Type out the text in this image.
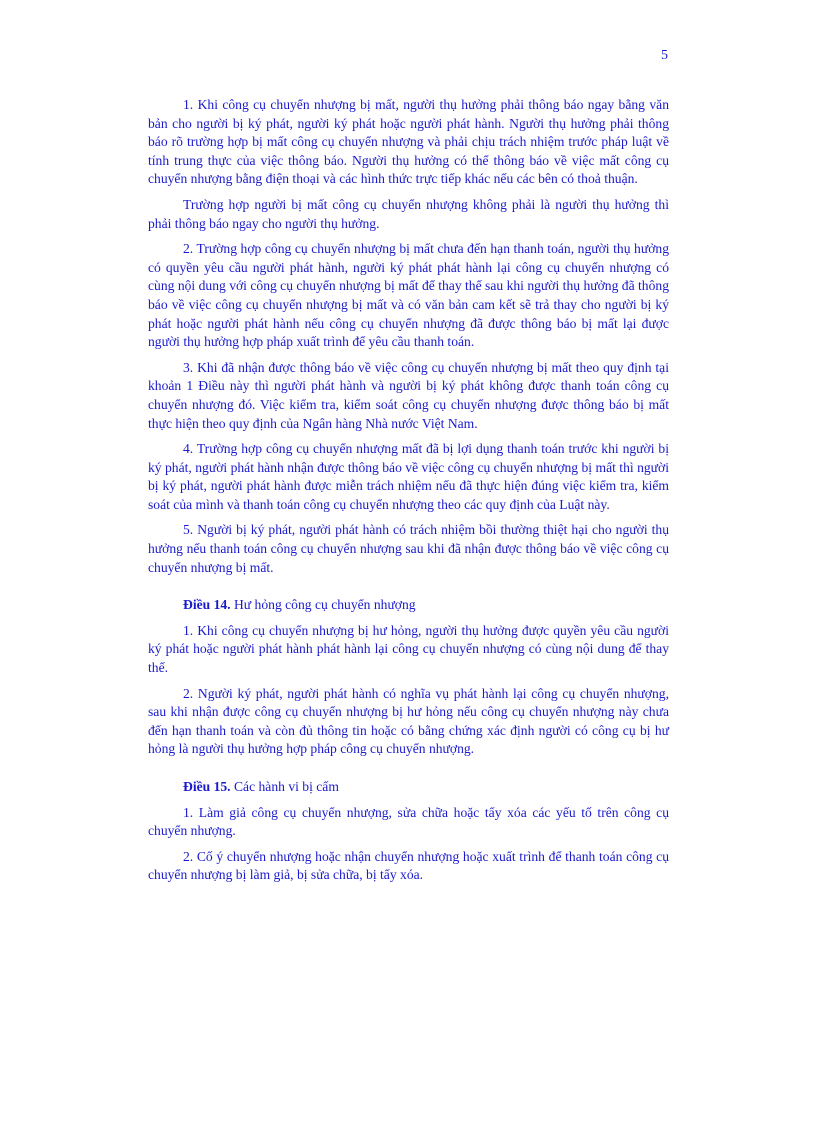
5

1. Khi công cụ chuyển nhượng bị mất, người thụ hưởng phải thông báo ngay bằng văn bản cho người bị ký phát, người ký phát hoặc người phát hành. Người thụ hưởng phải thông báo rõ trường hợp bị mất công cụ chuyển nhượng và phải chịu trách nhiệm trước pháp luật về tính trung thực của việc thông báo. Người thụ hưởng có thể thông báo về việc mất công cụ chuyển nhượng bằng điện thoại và các hình thức trực tiếp khác nếu các bên có thoả thuận.

Trường hợp người bị mất công cụ chuyển nhượng không phải là người thụ hưởng thì phải thông báo ngay cho người thụ hưởng.

2. Trường hợp công cụ chuyển nhượng bị mất chưa đến hạn thanh toán, người thụ hưởng có quyền yêu cầu người phát hành, người ký phát phát hành lại công cụ chuyển nhượng có cùng nội dung với công cụ chuyển nhượng bị mất để thay thế sau khi người thụ hưởng đã thông báo về việc công cụ chuyển nhượng bị mất và có văn bản cam kết sẽ trả thay cho người bị ký phát hoặc người phát hành nếu công cụ chuyển nhượng đã được thông báo bị mất lại được người thụ hưởng hợp pháp xuất trình để yêu cầu thanh toán.

3. Khi đã nhận được thông báo về việc công cụ chuyển nhượng bị mất theo quy định tại khoản 1 Điều này thì người phát hành và người bị ký phát không được thanh toán công cụ chuyển nhượng đó. Việc kiểm tra, kiểm soát công cụ chuyển nhượng được thông báo bị mất thực hiện theo quy định của Ngân hàng Nhà nước Việt Nam.

4. Trường hợp công cụ chuyển nhượng mất đã bị lợi dụng thanh toán trước khi người bị ký phát, người phát hành nhận được thông báo về việc công cụ chuyển nhượng bị mất thì người bị ký phát, người phát hành được miễn trách nhiệm nếu đã thực hiện đúng việc kiểm tra, kiểm soát của mình và thanh toán công cụ chuyển nhượng theo các quy định của Luật này.

5. Người bị ký phát, người phát hành có trách nhiệm bồi thường thiệt hại cho người thụ hưởng nếu thanh toán công cụ chuyển nhượng sau khi đã nhận được thông báo về việc công cụ chuyển nhượng bị mất.

Điều 14. Hư hỏng công cụ chuyển nhượng

1. Khi công cụ chuyển nhượng bị hư hỏng, người thụ hưởng được quyền yêu cầu người ký phát hoặc người phát hành phát hành lại công cụ chuyển nhượng có cùng nội dung để thay thế.

2. Người ký phát, người phát hành có nghĩa vụ phát hành lại công cụ chuyển nhượng, sau khi nhận được công cụ chuyển nhượng bị hư hỏng nếu công cụ chuyển nhượng này chưa đến hạn thanh toán và còn đủ thông tin hoặc có bằng chứng xác định người có công cụ bị hư hỏng là người thụ hưởng hợp pháp công cụ chuyển nhượng.

Điều 15. Các hành vi bị cấm

1. Làm giả công cụ chuyển nhượng, sửa chữa hoặc tẩy xóa các yếu tố trên công cụ chuyển nhượng.

2. Cố ý chuyển nhượng hoặc nhận chuyển nhượng hoặc xuất trình để thanh toán công cụ chuyển nhượng bị làm giả, bị sửa chữa, bị tẩy xóa.
